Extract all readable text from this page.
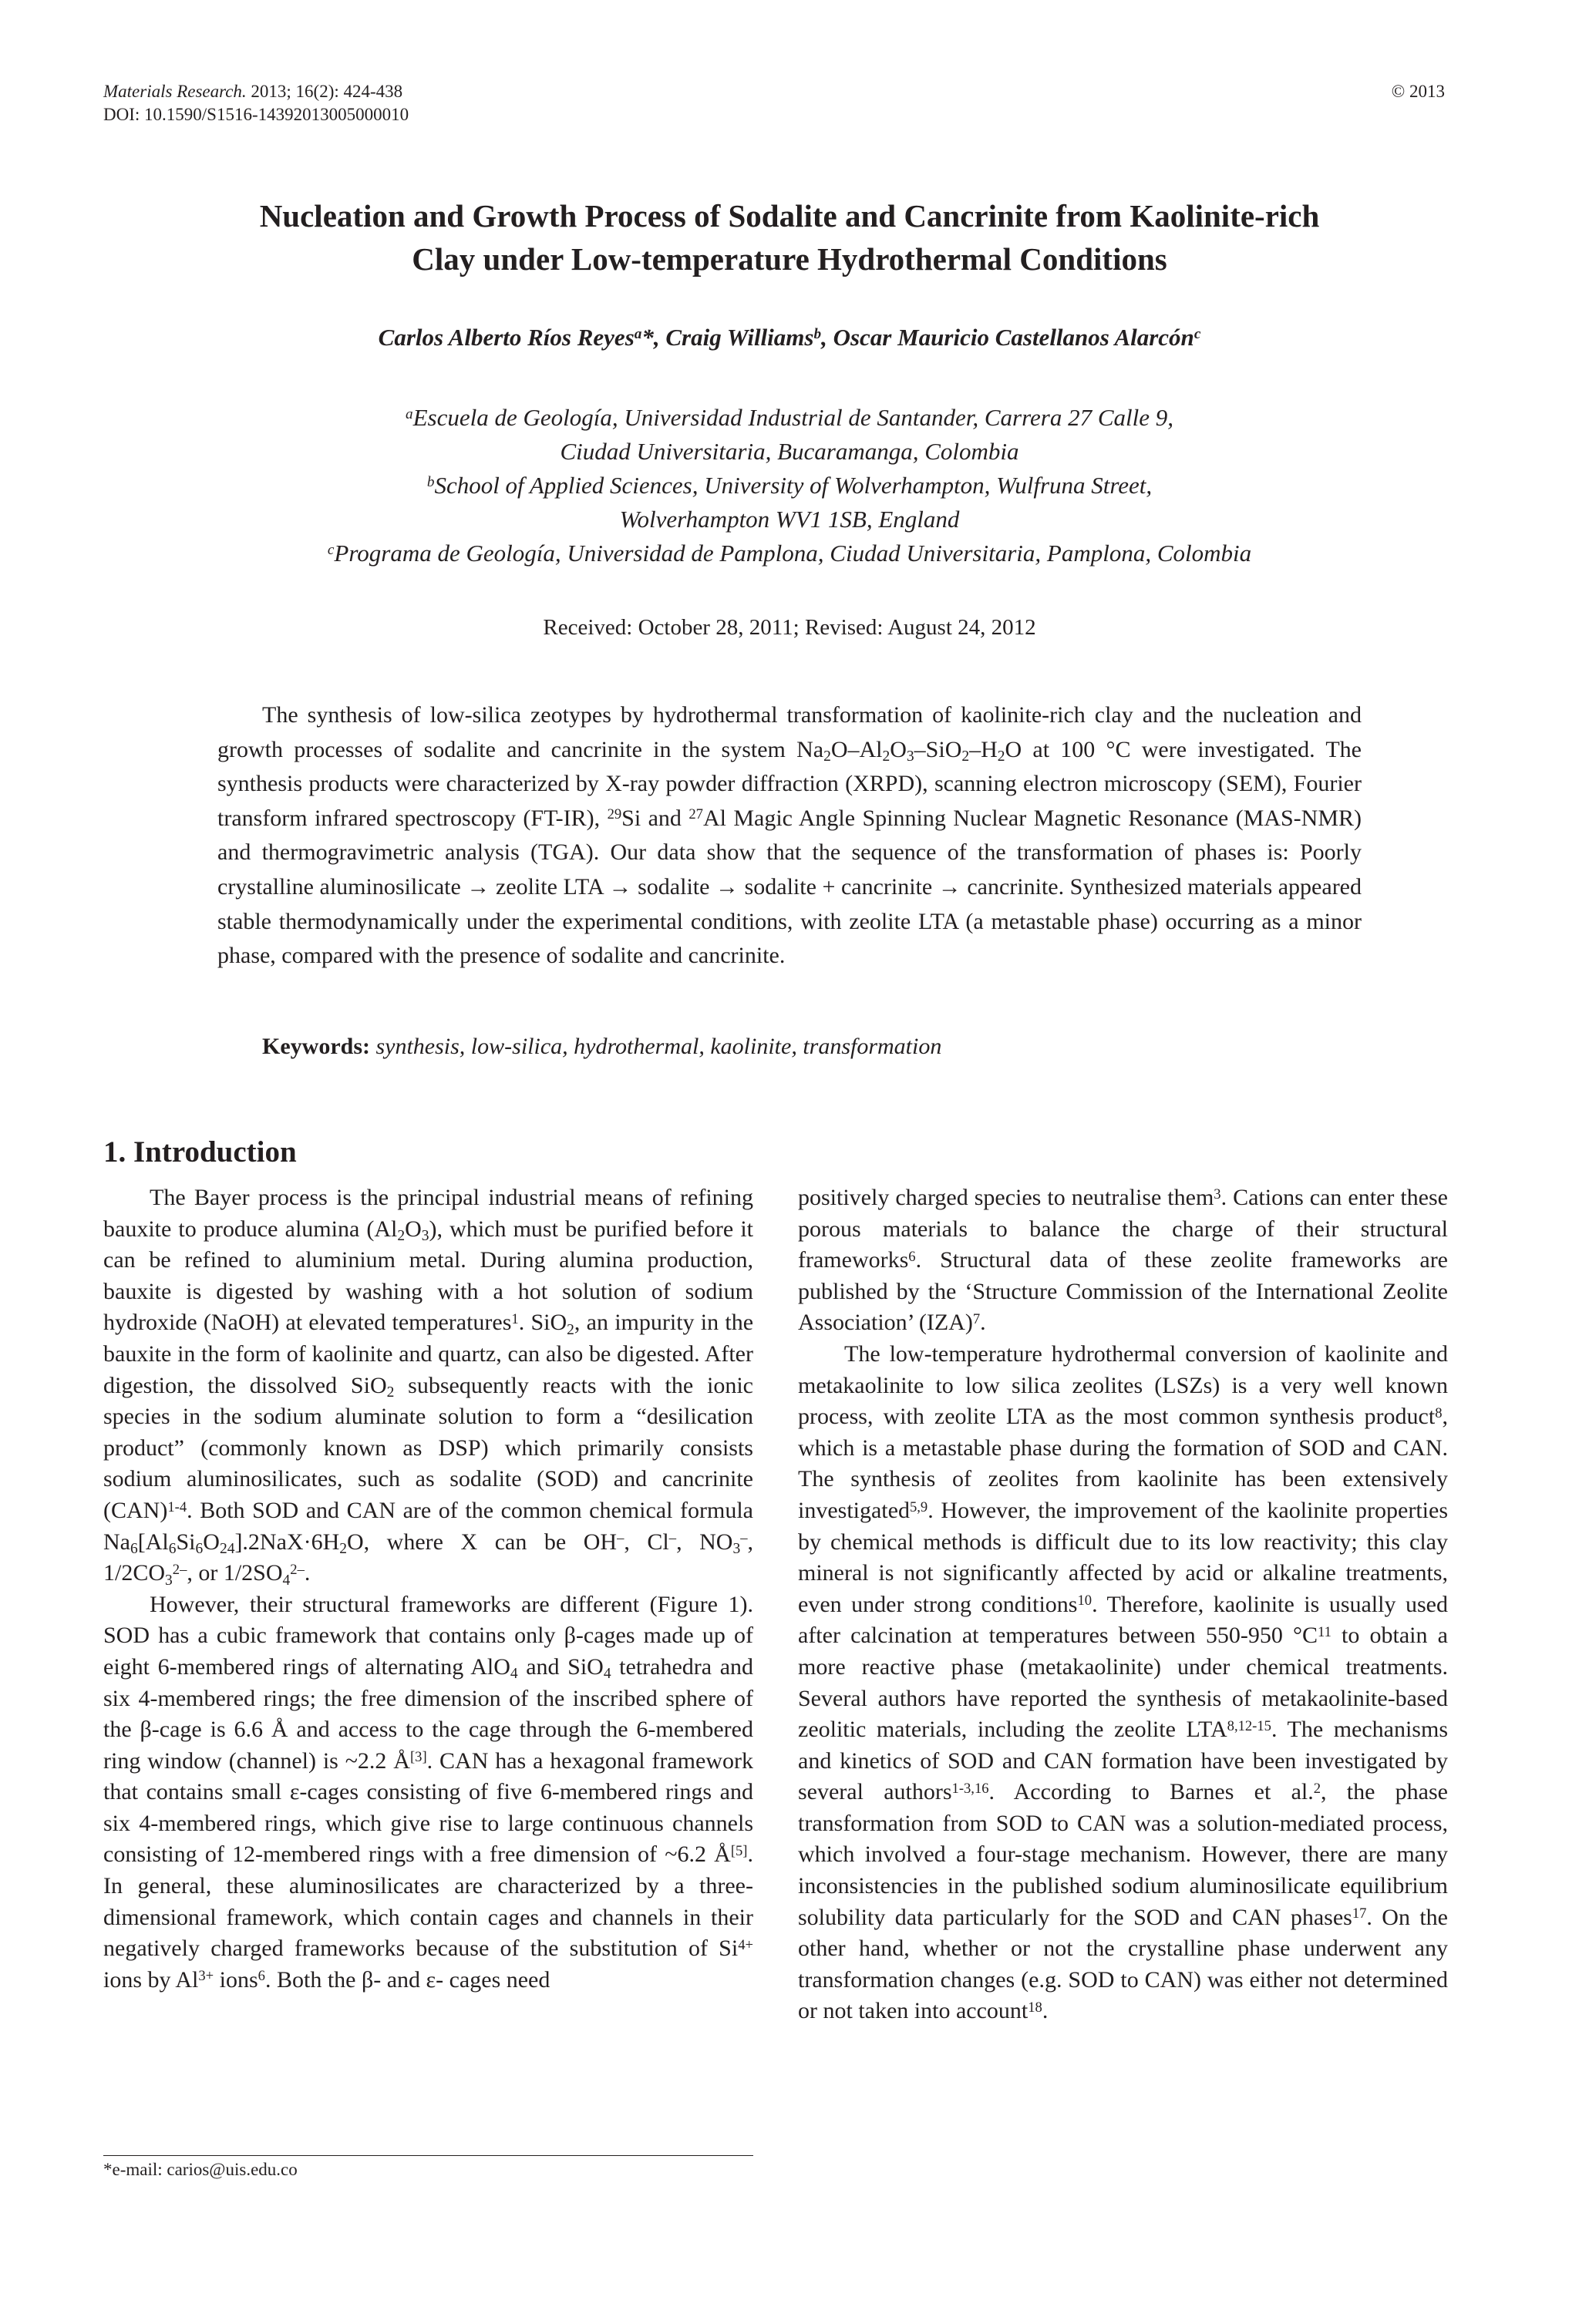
Materials Research. 2013; 16(2): 424-438
DOI: 10.1590/S1516-14392013005000010
© 2013
Nucleation and Growth Process of Sodalite and Cancrinite from Kaolinite-rich
Clay under Low-temperature Hydrothermal Conditions
Carlos Alberto Ríos Reyes$^a$*, Craig Williams$^b$, Oscar Mauricio Castellanos Alarcón$^c$
$^a$Escuela de Geología, Universidad Industrial de Santander, Carrera 27 Calle 9,
Ciudad Universitaria, Bucaramanga, Colombia
$^b$School of Applied Sciences, University of Wolverhampton, Wulfruna Street,
Wolverhampton WV1 1SB, England
$^c$Programa de Geología, Universidad de Pamplona, Ciudad Universitaria, Pamplona, Colombia
Received: October 28, 2011; Revised: August 24, 2012
The synthesis of low-silica zeotypes by hydrothermal transformation of kaolinite-rich clay and the nucleation and growth processes of sodalite and cancrinite in the system $Na_2O-Al_2O_3-SiO_2-H_2O$ at 100 °C were investigated. The synthesis products were characterized by X-ray powder diffraction (XRPD), scanning electron microscopy (SEM), Fourier transform infrared spectroscopy (FT-IR), $^{29}$Si and $^{27}$Al Magic Angle Spinning Nuclear Magnetic Resonance (MAS-NMR) and thermogravimetric analysis (TGA). Our data show that the sequence of the transformation of phases is: Poorly crystalline aluminosilicate → zeolite LTA → sodalite → sodalite + cancrinite → cancrinite. Synthesized materials appeared stable thermodynamically under the experimental conditions, with zeolite LTA (a metastable phase) occurring as a minor phase, compared with the presence of sodalite and cancrinite.
Keywords: synthesis, low-silica, hydrothermal, kaolinite, transformation
1. Introduction

The Bayer process is the principal industrial means of refining bauxite to produce alumina $(Al_2O_3)$, which must be purified before it can be refined to aluminium metal. During alumina production, bauxite is digested by washing with a hot solution of sodium hydroxide (NaOH) at elevated temperatures$^1$. SiO$_2$, an impurity in the bauxite in the form of kaolinite and quartz, can also be digested. After digestion, the dissolved SiO$_2$ subsequently reacts with the ionic species in the sodium aluminate solution to form a “desilication product” (commonly known as DSP) which primarily consists sodium aluminosilicates, such as sodalite (SOD) and cancrinite (CAN)$^{1-4}$. Both SOD and CAN are of the common chemical formula $Na_6[Al_6Si_6O_{24}].2NaX\cdot 6H_2O$, where X can be OH–, Cl–, $NO_3^-$, $1/2CO_3^{2-}$, or $1/2SO_4^{2-}$.

However, their structural frameworks are different (Figure 1). SOD has a cubic framework that contains only β-cages made up of eight 6-membered rings of alternating AlO$_4$ and SiO$_4$ tetrahedra and six 4-membered rings; the free dimension of the inscribed sphere of the β-cage is 6.6 Å and access to the cage through the 6-membered ring window (channel) is ~2.2 Å[3]. CAN has a hexagonal framework that contains small ε-cages consisting of five 6-membered rings and six 4-membered rings, which give rise to large continuous channels consisting of 12-membered rings with a free dimension of ~6.2 Å[5]. In general, these aluminosilicates are characterized by a three-dimensional framework, which contain cages and channels in their negatively charged frameworks because of the substitution of $Si^{4+}$ ions by $Al^{3+}$ ions$^6$. Both the β- and ε- cages need

positively charged species to neutralise them$^3$. Cations can enter these porous materials to balance the charge of their structural frameworks$^6$. Structural data of these zeolite frameworks are published by the ‘Structure Commission of the International Zeolite Association’ (IZA)$^7$.

The low-temperature hydrothermal conversion of kaolinite and metakaolinite to low silica zeolites (LSZs) is a very well known process, with zeolite LTA as the most common synthesis product$^8$, which is a metastable phase during the formation of SOD and CAN. The synthesis of zeolites from kaolinite has been extensively investigated$^{5,9}$. However, the improvement of the kaolinite properties by chemical methods is difficult due to its low reactivity; this clay mineral is not significantly affected by acid or alkaline treatments, even under strong conditions$^{10}$. Therefore, kaolinite is usually used after calcination at temperatures between 550-950 $^\circ C^{11}$ to obtain a more reactive phase (metakaolinite) under chemical treatments. Several authors have reported the synthesis of metakaolinite-based zeolitic materials, including the zeolite LTA$^{8,12-15}$. The mechanisms and kinetics of SOD and CAN formation have been investigated by several authors$^{1-3,16}$. According to Barnes et al.$^2$, the phase transformation from SOD to CAN was a solution-mediated process, which involved a four-stage mechanism. However, there are many inconsistencies in the published sodium aluminosilicate equilibrium solubility data particularly for the SOD and CAN phases$^{17}$. On the other hand, whether or not the crystalline phase underwent any transformation changes (e.g. SOD to CAN) was either not determined or not taken into account$^{18}$.

*e-mail: carios@uis.edu.co
